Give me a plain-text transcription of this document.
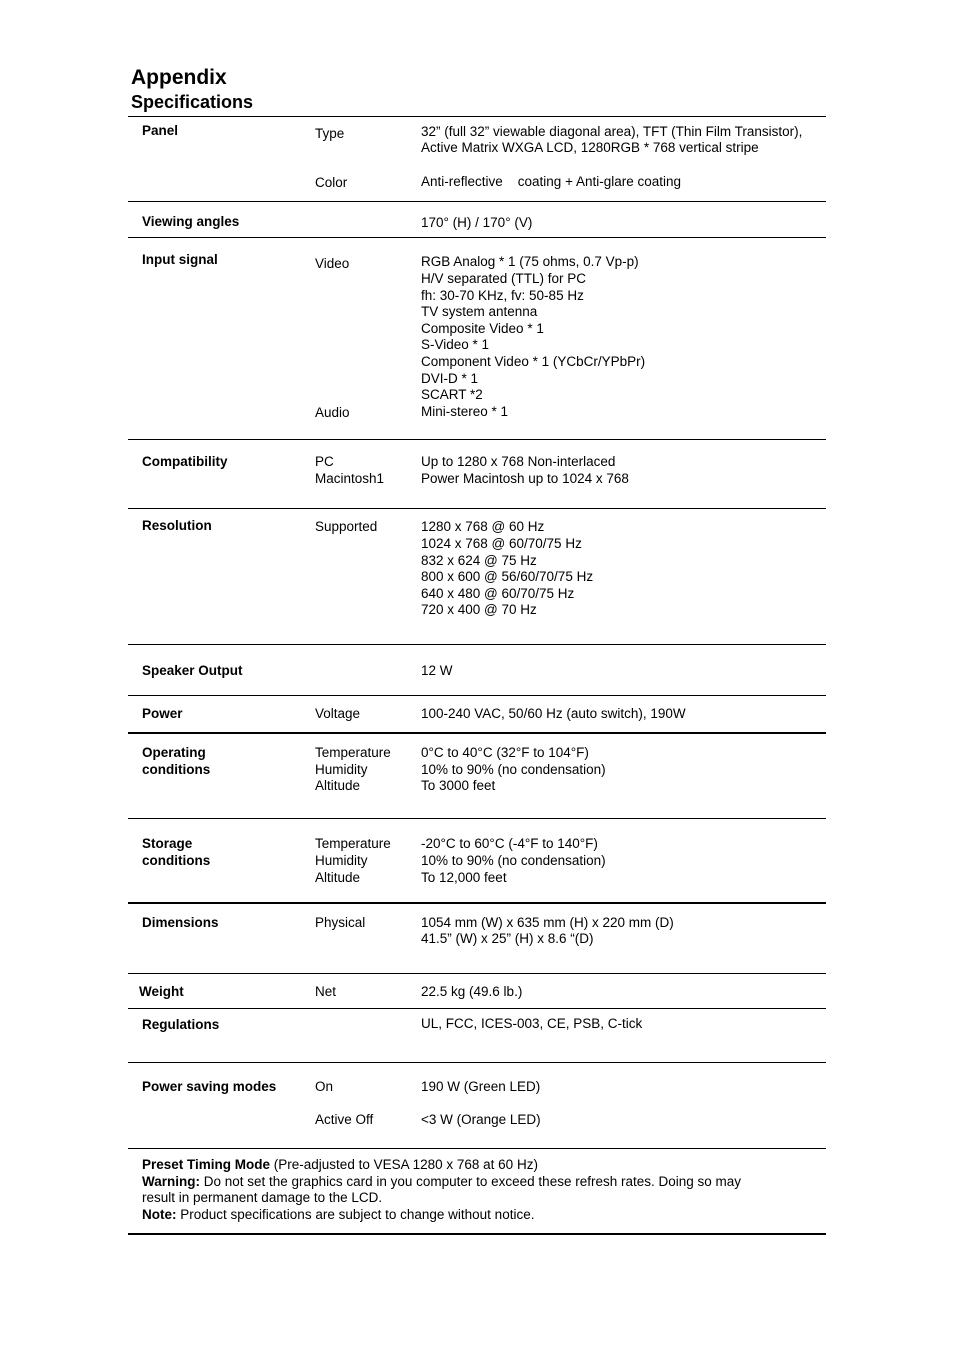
Appendix
Specifications
Panel	Type	32” (full 32” viewable diagonal area), TFT (Thin Film Transistor),
Active Matrix WXGA LCD, 1280RGB * 768 vertical stripe
Color	Anti-reflective    coating + Anti-glare coating
Viewing angles	170° (H) / 170° (V)
Input signal	Video	RGB Analog * 1 (75 ohms, 0.7 Vp-p)
H/V separated (TTL) for PC
fh: 30-70 KHz, fv: 50-85 Hz
TV system antenna
Composite Video * 1
S-Video * 1
Component Video * 1 (YCbCr/YPbPr)
DVI-D * 1
SCART *2
Audio	Mini-stereo * 1
Compatibility	PC	Up to 1280 x 768 Non-interlaced
Macintosh1	Power Macintosh up to 1024 x 768
Resolution	Supported	1280 x 768 @ 60 Hz
1024 x 768 @ 60/70/75 Hz
832 x 624 @ 75 Hz
800 x 600 @ 56/60/70/75 Hz
640 x 480 @ 60/70/75 Hz
720 x 400 @ 70 Hz
Speaker Output	12 W
Power	Voltage	100-240 VAC, 50/60 Hz (auto switch), 190W
Operating
conditions
Temperature 0°C to 40°C (32°F to 104°F)
Humidity	10% to 90% (no condensation)
Altitude	To 3000 feet
Storage
conditions
Temperature -20°C to 60°C (-4°F to 140°F)
Humidity	10% to 90% (no condensation)
Altitude	To 12,000 feet
Dimensions	Physical	1054 mm (W) x 635 mm (H) x 220 mm (D)
41.5” (W) x 25” (H) x 8.6 “(D)
Weight	Net	22.5 kg (49.6 lb.)
Regulations	UL, FCC, ICES-003, CE, PSB, C-tick
Power saving modes	On	190 W (Green LED)
Active Off	<3 W (Orange LED)
Preset Timing Mode (Pre-adjusted to VESA 1280 x 768 at 60 Hz)
Warning: Do not set the graphics card in you computer to exceed these refresh rates. Doing so may
result in permanent damage to the LCD.
Note: Product specifications are subject to change without notice.
